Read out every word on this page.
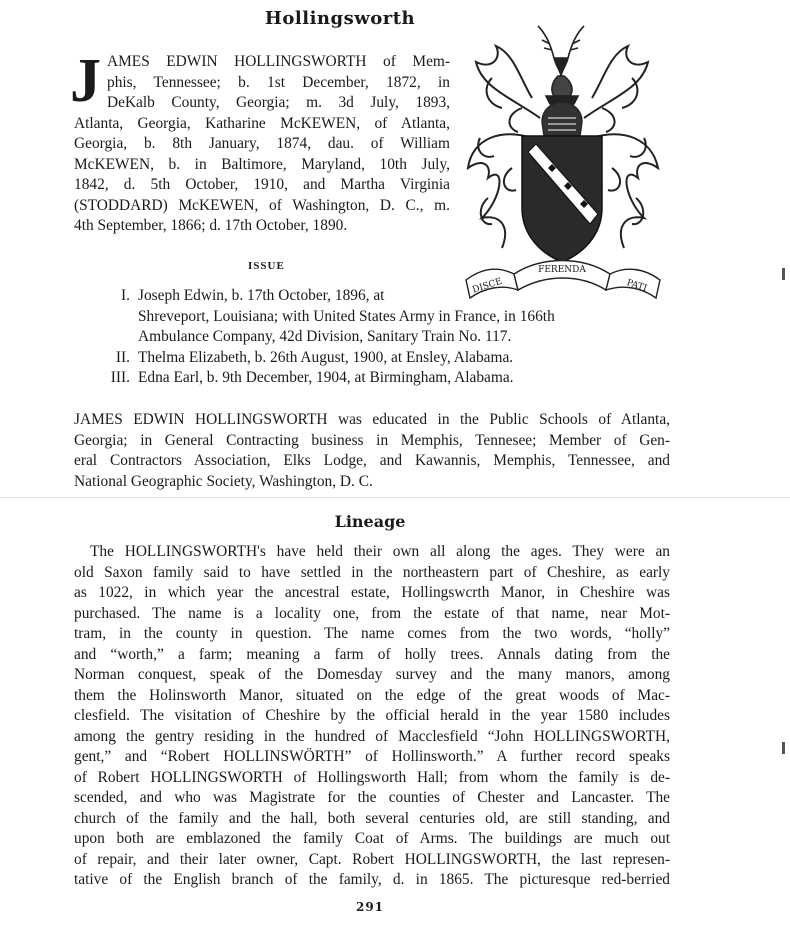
Hollingsworth
J AMES EDWIN HOLLINGSWORTH of Mem-
phis, Tennessee; b. 1st December, 1872, in
DeKalb County, Georgia; m. 3d July, 1893,
Atlanta, Georgia, Katharine McKEWEN, of Atlanta,
Georgia, b. 8th January, 1874, dau. of William
McKEWEN, b. in Baltimore, Maryland, 10th July,
1842, d. 5th October, 1910, and Martha Virginia
(STODDARD) McKEWEN, of Washington, D. C., m.
4th September, 1866; d. 17th October, 1890.
DISCE
FERENDA
PATI
ISSUE
I. Joseph Edwin, b. 17th October, 1896, at
Shreveport, Louisiana; with United States Army in France, in 166th
Ambulance Company, 42d Division, Sanitary Train No. 117.
II. Thelma Elizabeth, b. 26th August, 1900, at Ensley, Alabama.
III. Edna Earl, b. 9th December, 1904, at Birmingham, Alabama.
JAMES EDWIN HOLLINGSWORTH was educated in the Public Schools of Atlanta,
Georgia; in General Contracting business in Memphis, Tennesee; Member of Gen-
eral Contractors Association, Elks Lodge, and Kawannis, Memphis, Tennessee, and
National Geographic Society, Washington, D. C.
Lineage
The HOLLINGSWORTH's have held their own all along the ages. They were an
old Saxon family said to have settled in the northeastern part of Cheshire, as early
as 1022, in which year the ancestral estate, Hollingswcrth Manor, in Cheshire was
purchased. The name is a locality one, from the estate of that name, near Mot-
tram, in the county in question. The name comes from the two words, “holly”
and “worth,” a farm; meaning a farm of holly trees. Annals dating from the
Norman conquest, speak of the Domesday survey and the many manors, among
them the Holinsworth Manor, situated on the edge of the great woods of Mac-
clesfield. The visitation of Cheshire by the official herald in the year 1580 includes
among the gentry residing in the hundred of Macclesfield “John HOLLINGSWORTH,
gent,” and “Robert HOLLINSWÖRTH” of Hollinsworth.” A further record speaks
of Robert HOLLINGSWORTH of Hollingsworth Hall; from whom the family is de-
scended, and who was Magistrate for the counties of Chester and Lancaster. The
church of the family and the hall, both several centuries old, are still standing, and
upon both are emblazoned the family Coat of Arms. The buildings are much out
of repair, and their later owner, Capt. Robert HOLLINGSWORTH, the last represen-
tative of the English branch of the family, d. in 1865. The picturesque red-berried
291
